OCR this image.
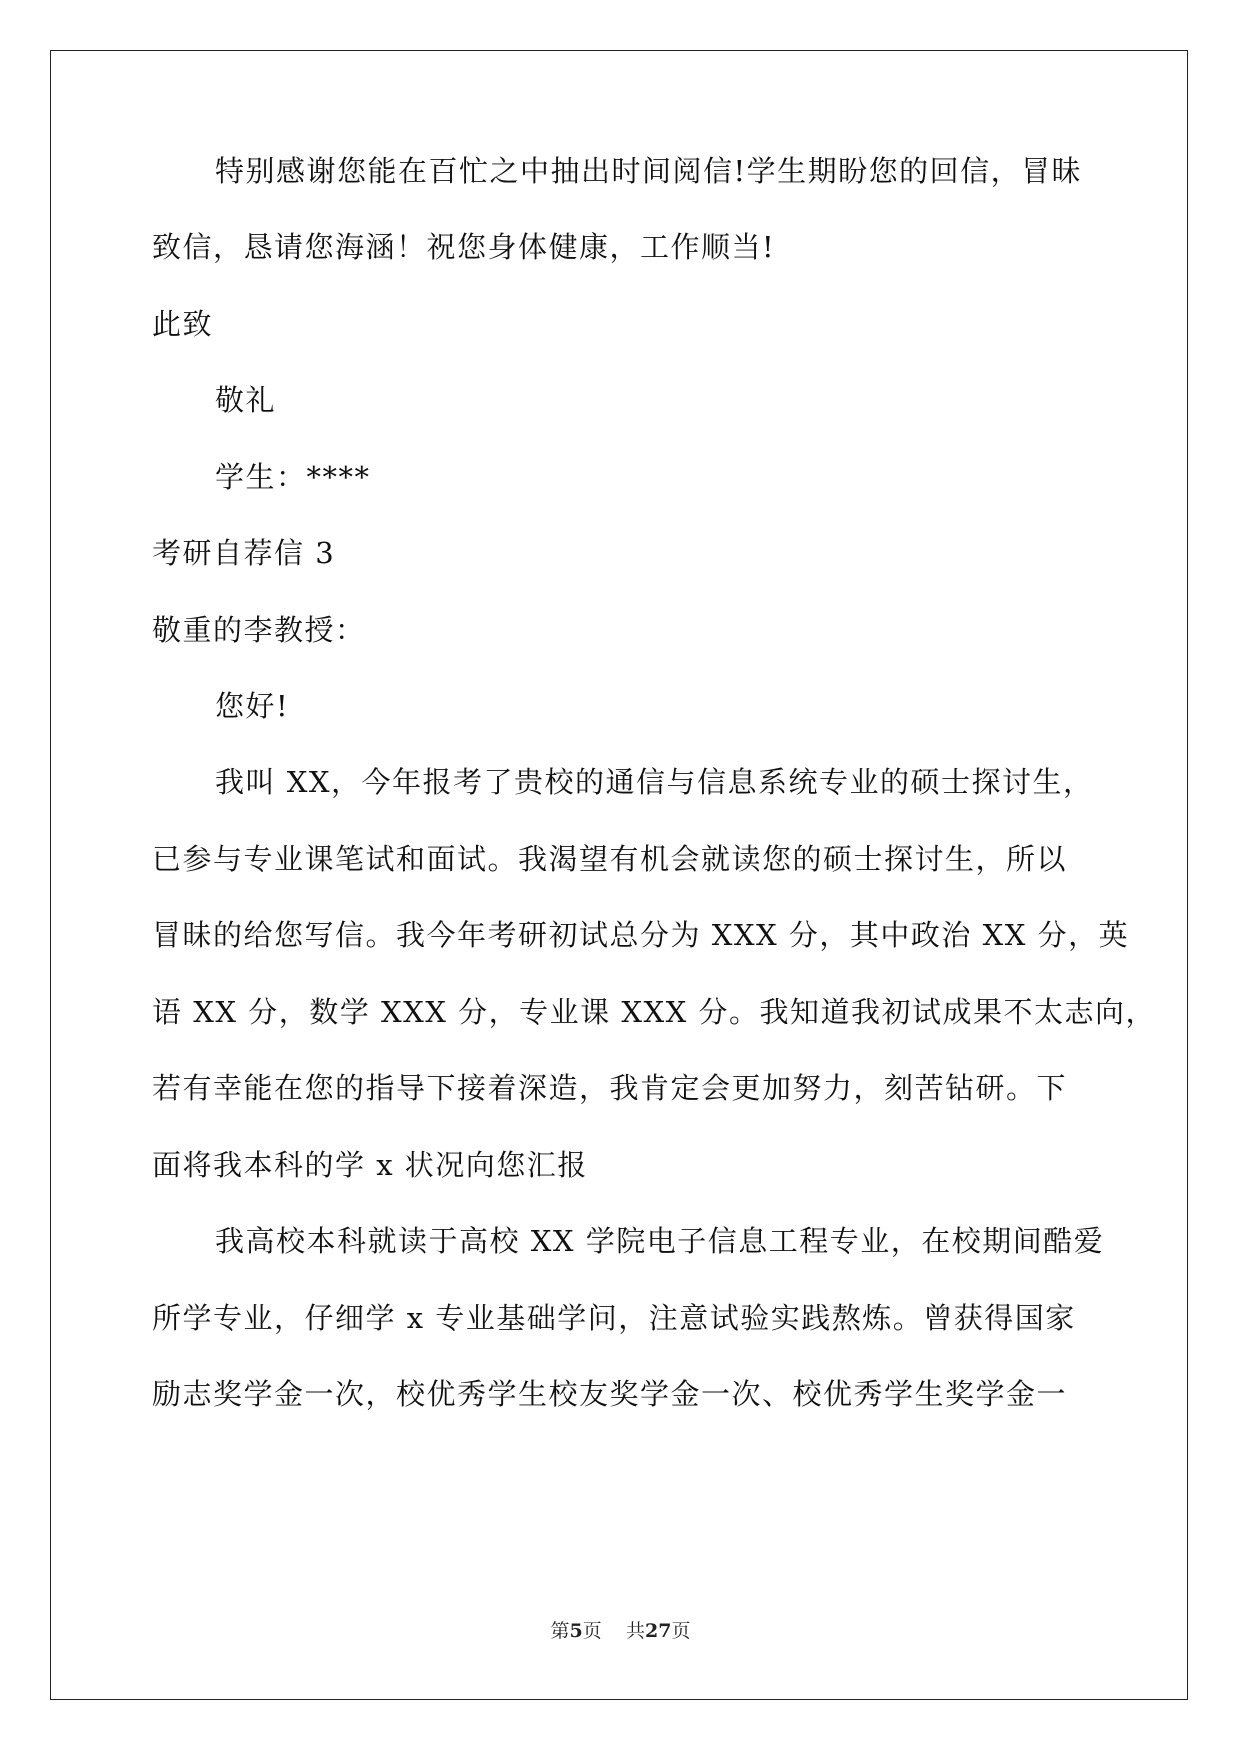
特别感谢您能在百忙之中抽出时间阅信!学生期盼您的回信，冒昧
致信，恳请您海涵！祝您身体健康，工作顺当!
此致
敬礼
学生：****
考研自荐信 3
敬重的李教授：
您好!
我叫 XX，今年报考了贵校的通信与信息系统专业的硕士探讨生，
已参与专业课笔试和面试。我渴望有机会就读您的硕士探讨生，所以
冒昧的给您写信。我今年考研初试总分为 XXX 分，其中政治 XX 分，英
语 XX 分，数学 XXX 分，专业课 XXX 分。我知道我初试成果不太志向，
若有幸能在您的指导下接着深造，我肯定会更加努力，刻苦钻研。下
面将我本科的学 x 状况向您汇报
我高校本科就读于高校 XX 学院电子信息工程专业，在校期间酷爱
所学专业，仔细学 x 专业基础学问，注意试验实践熬炼。曾获得国家
励志奖学金一次，校优秀学生校友奖学金一次、校优秀学生奖学金一
第5页 共27页
